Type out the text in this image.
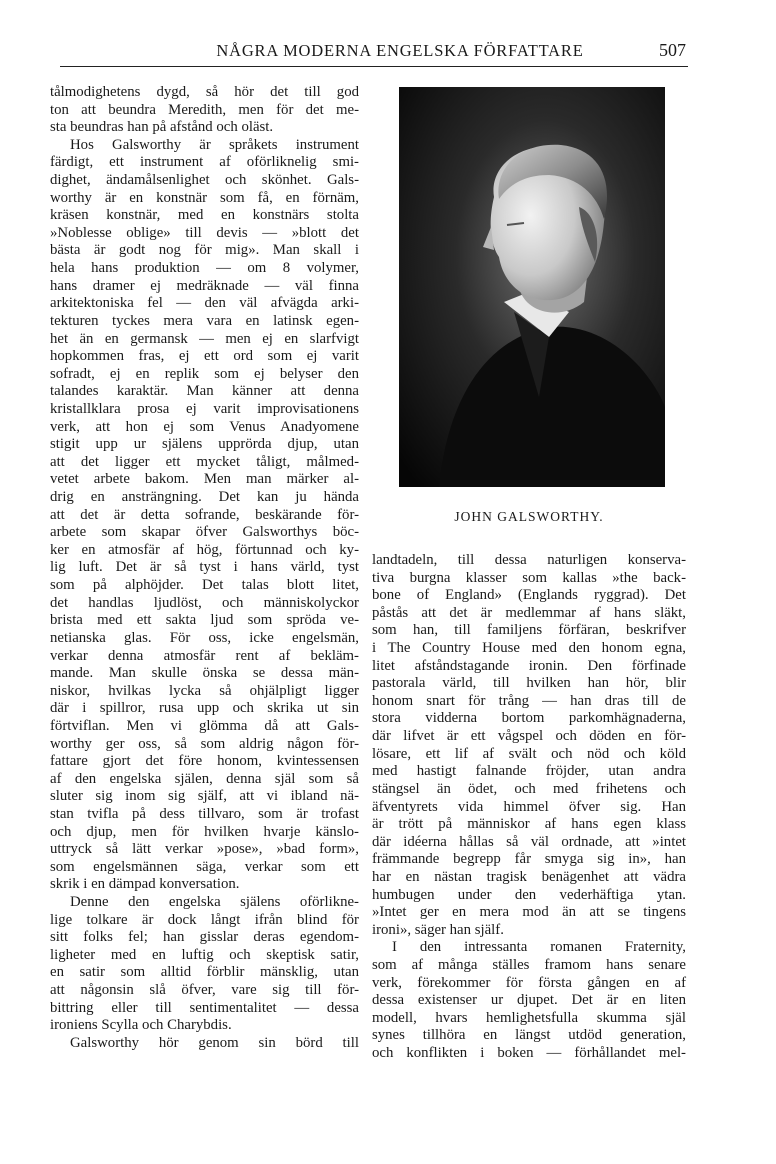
NÅGRA MODERNA ENGELSKA FÖRFATTARE	507
tålmodighetens dygd, så hör det till god
ton att beundra Meredith, men för det me-
sta beundras han på afstånd och oläst.
Hos Galsworthy är språkets instrument
färdigt, ett instrument af oförliknelig smi-
dighet, ändamålsenlighet och skönhet. Gals-
worthy är en konstnär som få, en förnäm,
kräsen konstnär, med en konstnärs stolta
»Noblesse oblige» till devis — »blott det
bästa är godt nog för mig». Man skall i
hela hans produktion — om 8 volymer,
hans dramer ej medräknade — väl finna
arkitektoniska fel — den väl afvägda arki-
tekturen tyckes mera vara en latinsk egen-
het än en germansk — men ej en slarfvigt
hopkommen fras, ej ett ord som ej varit
sofradt, ej en replik som ej belyser den
talandes karaktär. Man känner att denna
kristallklara prosa ej varit improvisationens
verk, att hon ej som Venus Anadyomene
stigit upp ur själens upprörda djup, utan
att det ligger ett mycket tåligt, målmed-
vetet arbete bakom. Men man märker al-
drig en ansträngning. Det kan ju hända
att det är detta sofrande, beskärande för-
arbete som skapar öfver Galsworthys böc-
ker en atmosfär af hög, förtunnad och ky-
lig luft. Det är så tyst i hans värld, tyst
som på alphöjder. Det talas blott litet,
det handlas ljudlöst, och människolyckor
brista med ett sakta ljud som spröda ve-
netianska glas. För oss, icke engelsmän,
verkar denna atmosfär rent af bekläm-
mande. Man skulle önska se dessa män-
niskor, hvilkas lycka så ohjälpligt ligger
där i spillror, rusa upp och skrika ut sin
förtviflan. Men vi glömma då att Gals-
worthy ger oss, så som aldrig någon för-
fattare gjort det före honom, kvintessensen
af den engelska själen, denna själ som så
sluter sig inom sig själf, att vi ibland nä-
stan tvifla på dess tillvaro, som är trofast
och djup, men för hvilken hvarje känslo-
uttryck så lätt verkar »pose», »bad form»,
som engelsmännen säga, verkar som ett
skrik i en dämpad konversation.
Denne den engelska själens oförlikne-
lige tolkare är dock långt ifrån blind för
sitt folks fel; han gisslar deras egendom-
ligheter med en luftig och skeptisk satir,
en satir som alltid förblir mänsklig, utan
att någonsin slå öfver, vare sig till för-
bittring eller till sentimentalitet — dessa
ironiens Scylla och Charybdis.
Galsworthy hör genom sin börd till
JOHN GALSWORTHY.
landtadeln, till dessa naturligen konserva-
tiva burgna klasser som kallas »the back-
bone of England» (Englands ryggrad). Det
påstås att det är medlemmar af hans släkt,
som han, till familjens förfäran, beskrifver
i The Country House med den honom egna,
litet afståndstagande ironin. Den förfinade
pastorala värld, till hvilken han hör, blir
honom snart för trång — han dras till de
stora vidderna bortom parkomhägnaderna,
där lifvet är ett vågspel och döden en för-
lösare, ett lif af svält och nöd och köld
med hastigt falnande fröjder, utan andra
stängsel än ödet, och med frihetens och
äfventyrets vida himmel öfver sig. Han
är trött på människor af hans egen klass
där idéerna hållas så väl ordnade, att »intet
främmande begrepp får smyga sig in», han
har en nästan tragisk benägenhet att vädra
humbugen under den vederhäftiga ytan.
»Intet ger en mera mod än att se tingens
ironi», säger han själf.
I den intressanta romanen Fraternity,
som af många ställes framom hans senare
verk, förekommer för första gången en af
dessa existenser ur djupet. Det är en liten
modell, hvars hemlighetsfulla skumma själ
synes tillhöra en längst utdöd generation,
och konflikten i boken — förhållandet mel-
